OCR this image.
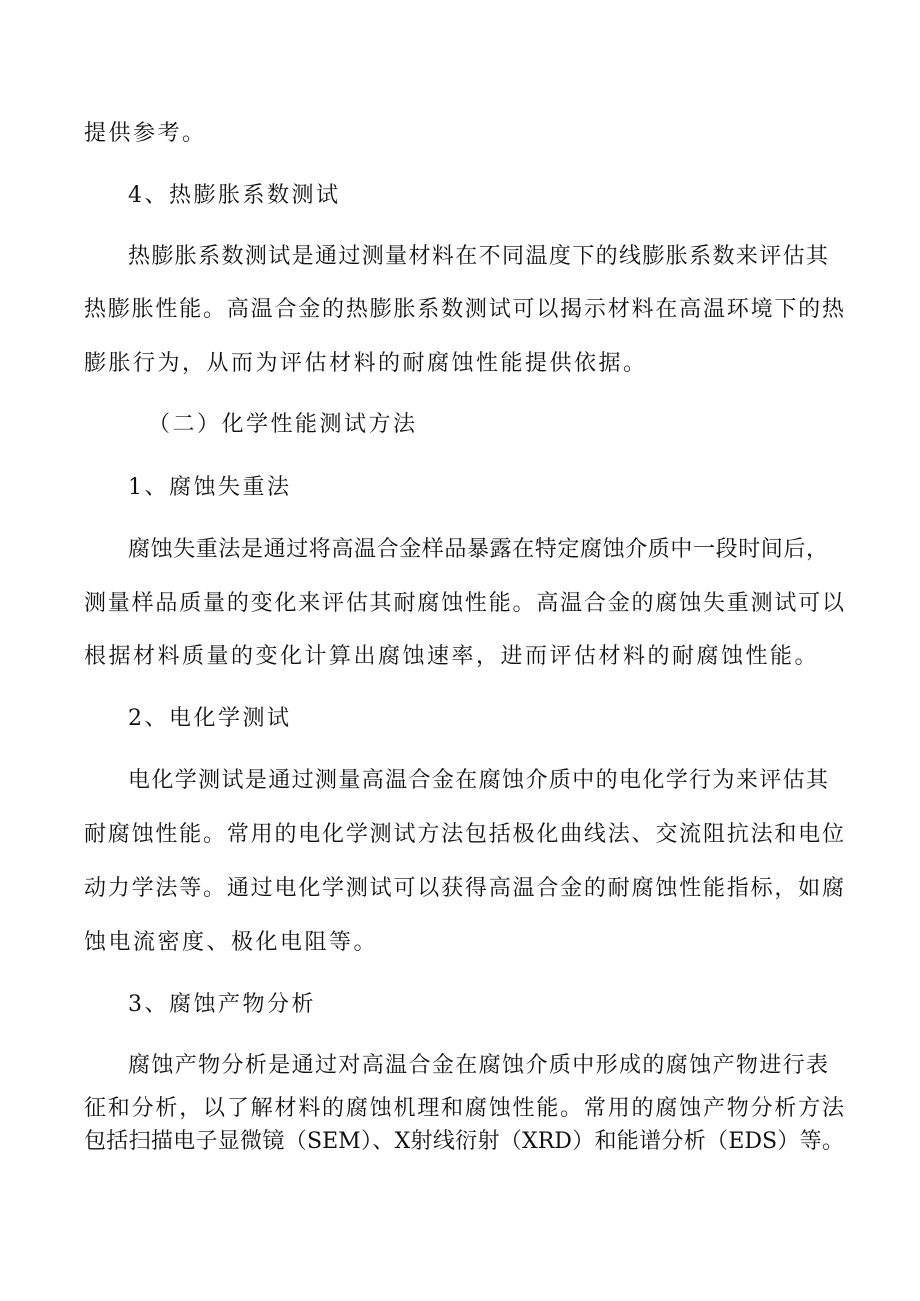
提供参考。
4、热膨胀系数测试
热膨胀系数测试是通过测量材料在不同温度下的线膨胀系数来评估其
热膨胀性能。高温合金的热膨胀系数测试可以揭示材料在高温环境下的热
膨胀行为，从而为评估材料的耐腐蚀性能提供依据。
（二）化学性能测试方法
1、腐蚀失重法
腐蚀失重法是通过将高温合金样品暴露在特定腐蚀介质中一段时间后，
测量样品质量的变化来评估其耐腐蚀性能。高温合金的腐蚀失重测试可以
根据材料质量的变化计算出腐蚀速率，进而评估材料的耐腐蚀性能。
2、电化学测试
电化学测试是通过测量高温合金在腐蚀介质中的电化学行为来评估其
耐腐蚀性能。常用的电化学测试方法包括极化曲线法、交流阻抗法和电位
动力学法等。通过电化学测试可以获得高温合金的耐腐蚀性能指标，如腐
蚀电流密度、极化电阻等。
3、腐蚀产物分析
腐蚀产物分析是通过对高温合金在腐蚀介质中形成的腐蚀产物进行表
征和分析，以了解材料的腐蚀机理和腐蚀性能。常用的腐蚀产物分析方法
包括扫描电子显微镜（SEM）、X射线衍射（XRD）和能谱分析（EDS）等。
